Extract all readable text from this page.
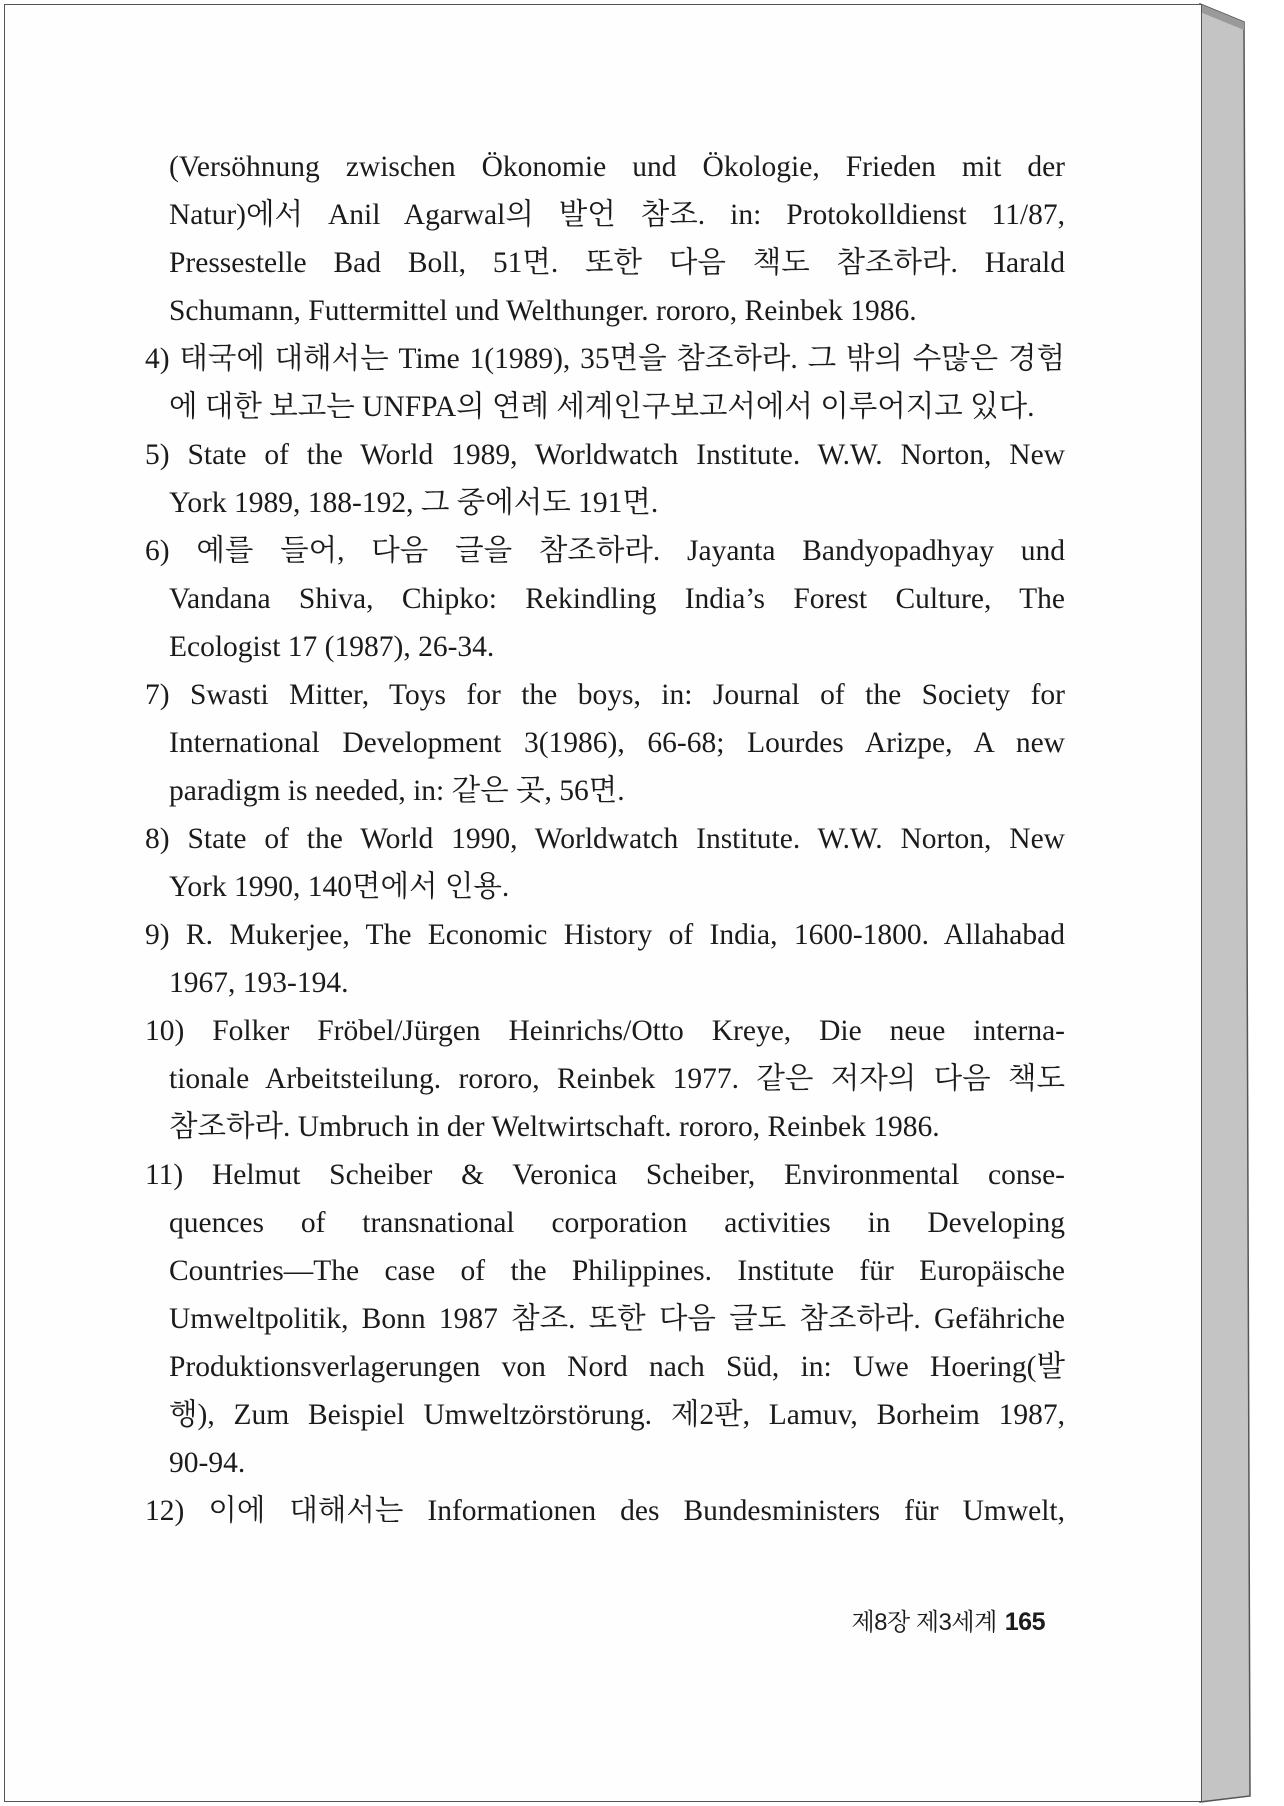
(Versöhnung zwischen Ökonomie und Ökologie, Frieden mit der
Natur)에서 Anil Agarwal의 발언 참조. in: Protokolldienst 11/87,
Pressestelle Bad Boll, 51면. 또한 다음 책도 참조하라. Harald
Schumann, Futtermittel und Welthunger. rororo, Reinbek 1986.
4) 태국에 대해서는 Time 1(1989), 35면을 참조하라. 그 밖의 수많은 경험
에 대한 보고는 UNFPA의 연례 세계인구보고서에서 이루어지고 있다.
5) State of the World 1989, Worldwatch Institute. W.W. Norton, New
York 1989, 188-192, 그 중에서도 191면.
6) 예를 들어, 다음 글을 참조하라. Jayanta Bandyopadhyay und
Vandana Shiva, Chipko: Rekindling India’s Forest Culture, The
Ecologist 17 (1987), 26-34.
7) Swasti Mitter, Toys for the boys, in: Journal of the Society for
International Development 3(1986), 66-68; Lourdes Arizpe, A new
paradigm is needed, in: 같은 곳, 56면.
8) State of the World 1990, Worldwatch Institute. W.W. Norton, New
York 1990, 140면에서 인용.
9) R. Mukerjee, The Economic History of India, 1600-1800. Allahabad
1967, 193-194.
10) Folker Fröbel/Jürgen Heinrichs/Otto Kreye, Die neue interna-
tionale Arbeitsteilung. rororo, Reinbek 1977. 같은 저자의 다음 책도
참조하라. Umbruch in der Weltwirtschaft. rororo, Reinbek 1986.
11) Helmut Scheiber & Veronica Scheiber, Environmental conse-
quences of transnational corporation activities in Developing
Countries—The case of the Philippines. Institute für Europäische
Umweltpolitik, Bonn 1987 참조. 또한 다음 글도 참조하라. Gefähriche
Produktionsverlagerungen von Nord nach Süd, in: Uwe Hoering(발
행), Zum Beispiel Umweltzörstörung. 제2판, Lamuv, Borheim 1987,
90-94.
12) 이에 대해서는 Informationen des Bundesministers für Umwelt,
제8장 제3세계 165
